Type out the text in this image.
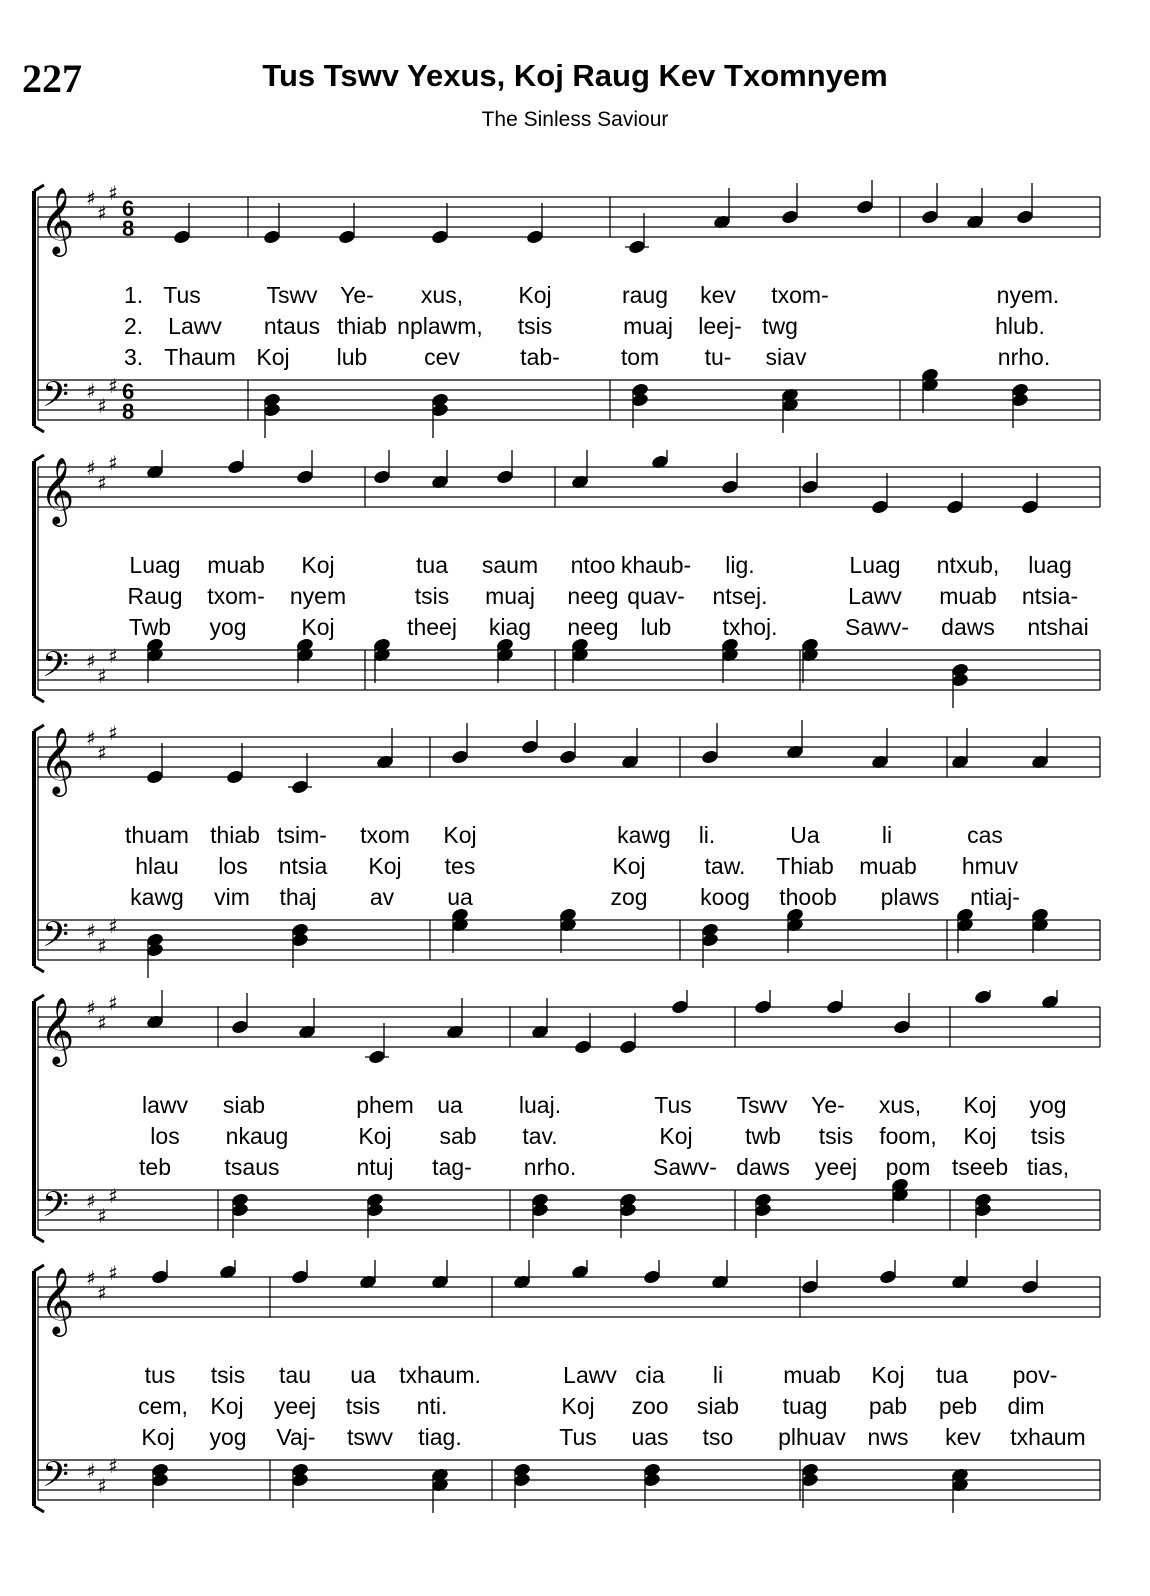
227	Tus Tswv Yexus, Koj Raug Kev Txomnyem
The Sinless Saviour
𝄞
𝄢
♯
♯
♯
♯
♯
♯
6
8
6
8
1. Tus	Tswv Ye- xus, Koj	raug kev txom-	nyem.
2. Lawv ntaus thiab nplawm, tsis	muaj leej- twg	hlub.
3. Thaum Koj lub cev	tab-	tom tu- siav	nrho.
𝄞
𝄢
♯
♯
♯
♯
♯
♯
Luag muab Koj	tua saum ntoo khaub- lig.	Luag ntxub, luag
Raug txom- nyem	tsis muaj neeg quav- ntsej.	Lawv muab ntsia-
Twb yog Koj	theej kiag neeg lub txhoj.	Sawv- daws ntshai
𝄞
𝄢
♯
♯
♯
♯
♯
♯
thuam thiab tsim- txom Koj	kawg li.	Ua	li	cas
hlau los ntsia Koj tes	Koj	taw. Thiab muab hmuv
kawg vim thaj av ua	zog koog thoob plaws ntiaj-
𝄞
𝄢
♯
♯
♯
♯
♯
♯
lawv siab	phem ua luaj.	Tus Tswv Ye- xus, Koj yog
los nkaug	Koj sab tav.	Koj twb tsis foom, Koj tsis
teb tsaus	ntuj tag- nrho.	Sawv- daws yeej pom tseeb tias,
𝄞
𝄢
♯
♯
♯
♯
♯
♯
tus tsis tau ua txhaum.	Lawv cia li	muab Koj tua pov-
cem, Koj yeej tsis nti.	Koj zoo siab tuag pab peb dim
Koj yog Vaj- tswv tiag.	Tus uas tso plhuav nws kev txhaum
